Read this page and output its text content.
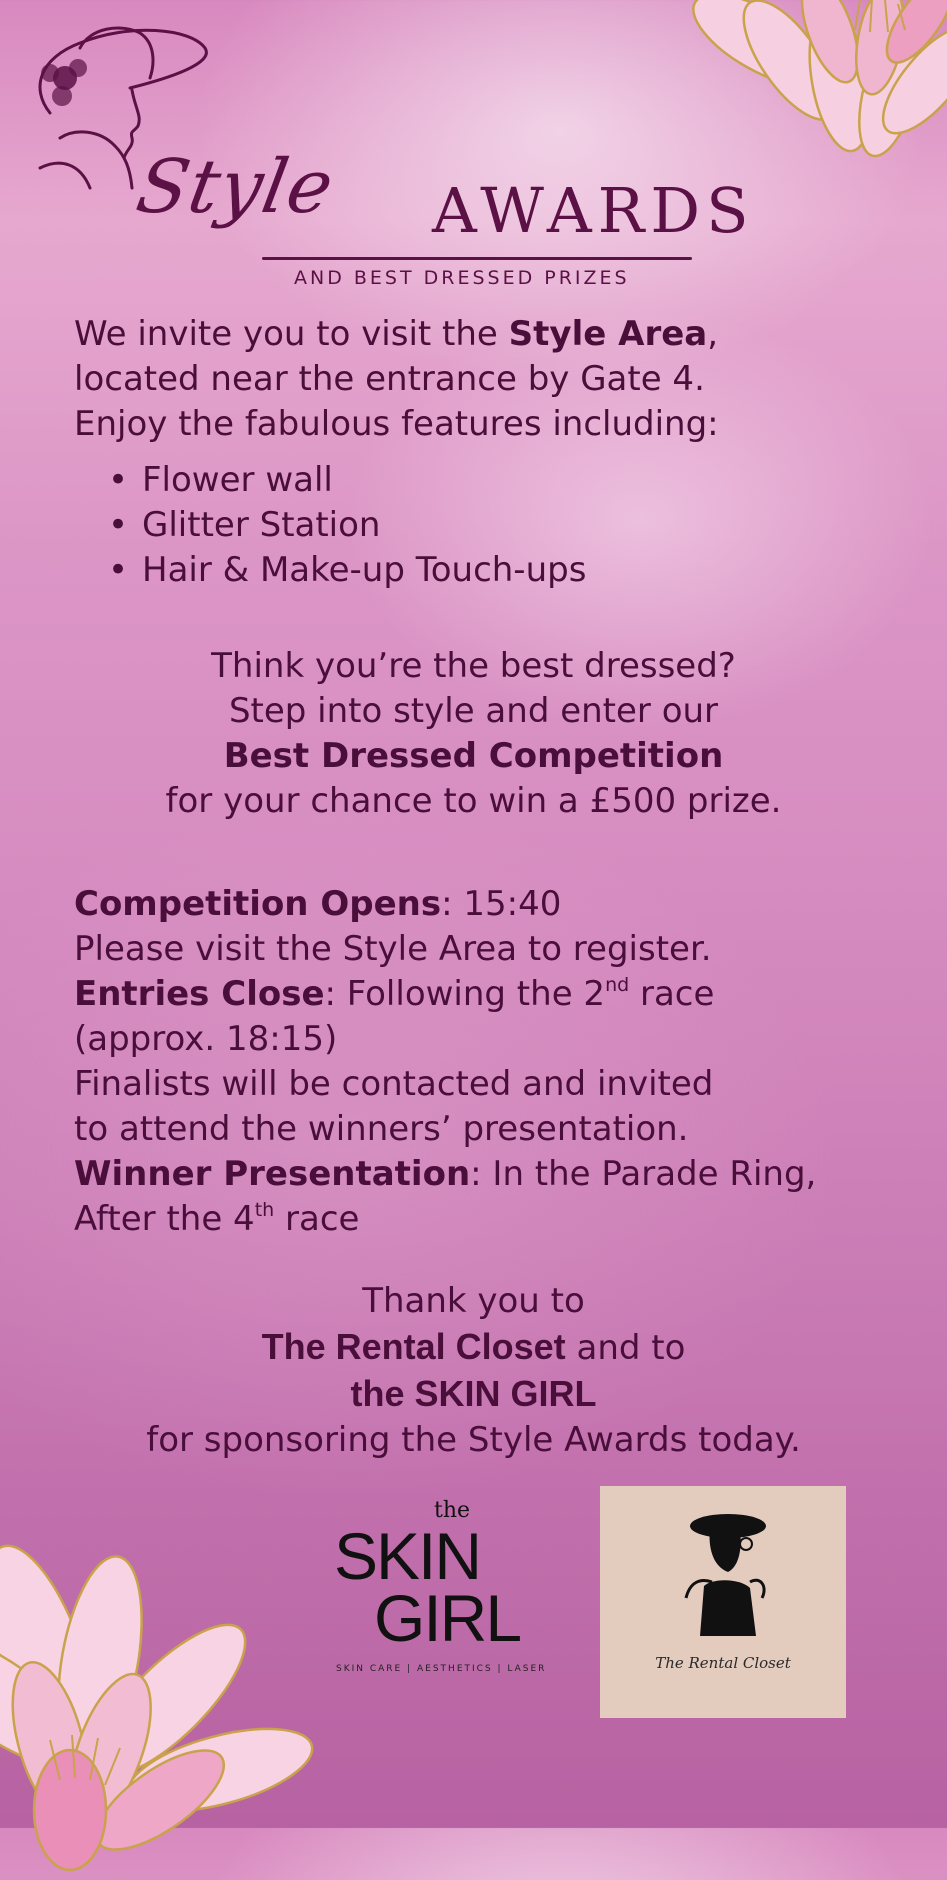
Style AWARDS
AND BEST DRESSED PRIZES
We invite you to visit the Style Area,
located near the entrance by Gate 4.
Enjoy the fabulous features including:
• Flower wall
• Glitter Station
• Hair & Make-up Touch-ups
Think you’re the best dressed?
Step into style and enter our
Best Dressed Competition
for your chance to win a £500 prize.
Competition Opens: 15:40
Please visit the Style Area to register.
Entries Close: Following the 2nd race
(approx. 18:15)
Finalists will be contacted and invited
to attend the winners’ presentation.
Winner Presentation: In the Parade Ring,
After the 4th race
Thank you to
The Rental Closet and to
the SKIN GIRL
for sponsoring the Style Awards today.
the
SKIN
GIRL
SKIN CARE | AESTHETICS | LASER	The Rental Closet
